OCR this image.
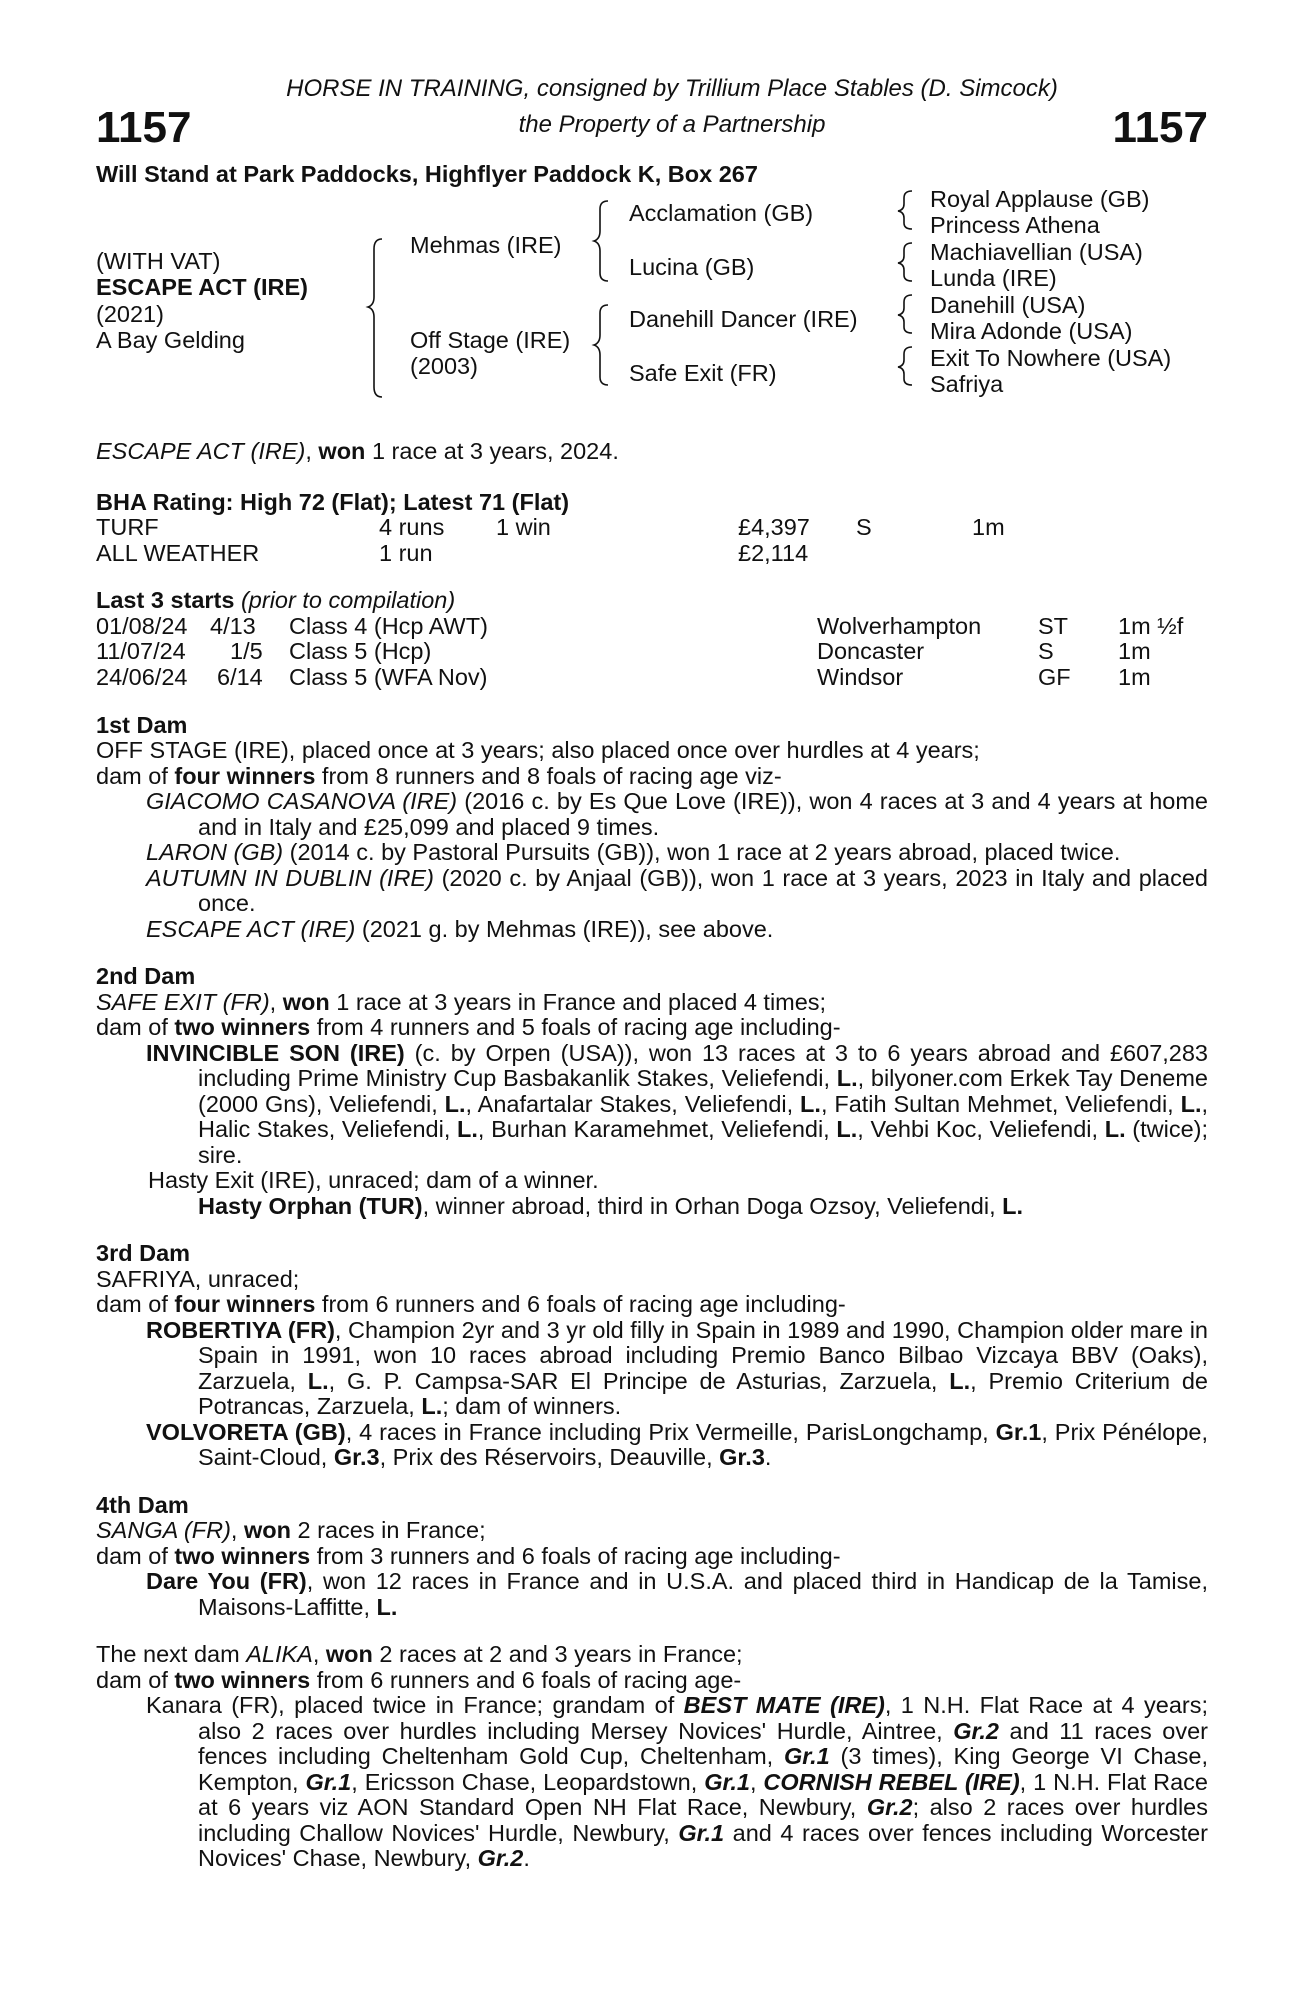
HORSE IN TRAINING, consigned by Trillium Place Stables (D. Simcock)
1157	the Property of a Partnership	1157
Will Stand at Park Paddocks, Highflyer Paddock K, Box 267
(WITH VAT)
ESCAPE ACT (IRE)
(2021)
A Bay Gelding
Mehmas (IRE)
Off Stage (IRE)
(2003)
Acclamation (GB)
Lucina (GB)
Danehill Dancer (IRE)
Safe Exit (FR)
Royal Applause (GB)
Princess Athena
Machiavellian (USA)
Lunda (IRE)
Danehill (USA)
Mira Adonde (USA)
Exit To Nowhere (USA)
Safriya

ESCAPE ACT (IRE), won 1 race at 3 years, 2024.

BHA Rating: High 72 (Flat); Latest 71 (Flat)

TURF	4 runs 1 win	£4,397 S	1m
ALL WEATHER	1 run	£2,114

Last 3 starts (prior to compilation)

01/08/24 4/13 Class 4 (Hcp AWT)	Wolverhampton ST 1m ½f
11/07/24 1/5 Class 5 (Hcp)	Doncaster	S	1m
24/06/24 6/14 Class 5 (WFA Nov)	Windsor	GF 1m

1st Dam

OFF STAGE (IRE), placed once at 3 years; also placed once over hurdles at 4 years;

dam of four winners from 8 runners and 8 foals of racing age viz-

GIACOMO CASANOVA (IRE) (2016 c. by Es Que Love (IRE)), won 4 races at 3 and 4 years at home and in Italy and £25,099 and placed 9 times.

LARON (GB) (2014 c. by Pastoral Pursuits (GB)), won 1 race at 2 years abroad, placed twice.

AUTUMN IN DUBLIN (IRE) (2020 c. by Anjaal (GB)), won 1 race at 3 years, 2023 in Italy and placed once.

ESCAPE ACT (IRE) (2021 g. by Mehmas (IRE)), see above.

2nd Dam

SAFE EXIT (FR), won 1 race at 3 years in France and placed 4 times;

dam of two winners from 4 runners and 5 foals of racing age including-

INVINCIBLE SON (IRE) (c. by Orpen (USA)), won 13 races at 3 to 6 years abroad and £607,283 including Prime Ministry Cup Basbakanlik Stakes, Veliefendi, L., bilyoner.com Erkek Tay Deneme (2000 Gns), Veliefendi, L., Anafartalar Stakes, Veliefendi, L., Fatih Sultan Mehmet, Veliefendi, L., Halic Stakes, Veliefendi, L., Burhan Karamehmet, Veliefendi, L., Vehbi Koc, Veliefendi, L. (twice); sire.

Hasty Exit (IRE), unraced; dam of a winner.

Hasty Orphan (TUR), winner abroad, third in Orhan Doga Ozsoy, Veliefendi, L.

3rd Dam

SAFRIYA, unraced;

dam of four winners from 6 runners and 6 foals of racing age including-

ROBERTIYA (FR), Champion 2yr and 3 yr old filly in Spain in 1989 and 1990, Champion older mare in Spain in 1991, won 10 races abroad including Premio Banco Bilbao Vizcaya BBV (Oaks), Zarzuela, L., G. P. Campsa-SAR El Principe de Asturias, Zarzuela, L., Premio Criterium de Potrancas, Zarzuela, L.; dam of winners.

VOLVORETA (GB), 4 races in France including Prix Vermeille, ParisLongchamp, Gr.1, Prix Pénélope, Saint-Cloud, Gr.3, Prix des Réservoirs, Deauville, Gr.3.

4th Dam

SANGA (FR), won 2 races in France;

dam of two winners from 3 runners and 6 foals of racing age including-

Dare You (FR), won 12 races in France and in U.S.A. and placed third in Handicap de la Tamise, Maisons-Laffitte, L.

The next dam ALIKA, won 2 races at 2 and 3 years in France;

dam of two winners from 6 runners and 6 foals of racing age-

Kanara (FR), placed twice in France; grandam of BEST MATE (IRE), 1 N.H. Flat Race at 4 years; also 2 races over hurdles including Mersey Novices' Hurdle, Aintree, Gr.2 and 11 races over fences including Cheltenham Gold Cup, Cheltenham, Gr.1 (3 times), King George VI Chase, Kempton, Gr.1, Ericsson Chase, Leopardstown, Gr.1, CORNISH REBEL (IRE), 1 N.H. Flat Race at 6 years viz AON Standard Open NH Flat Race, Newbury, Gr.2; also 2 races over hurdles including Challow Novices' Hurdle, Newbury, Gr.1 and 4 races over fences including Worcester Novices' Chase, Newbury, Gr.2.
